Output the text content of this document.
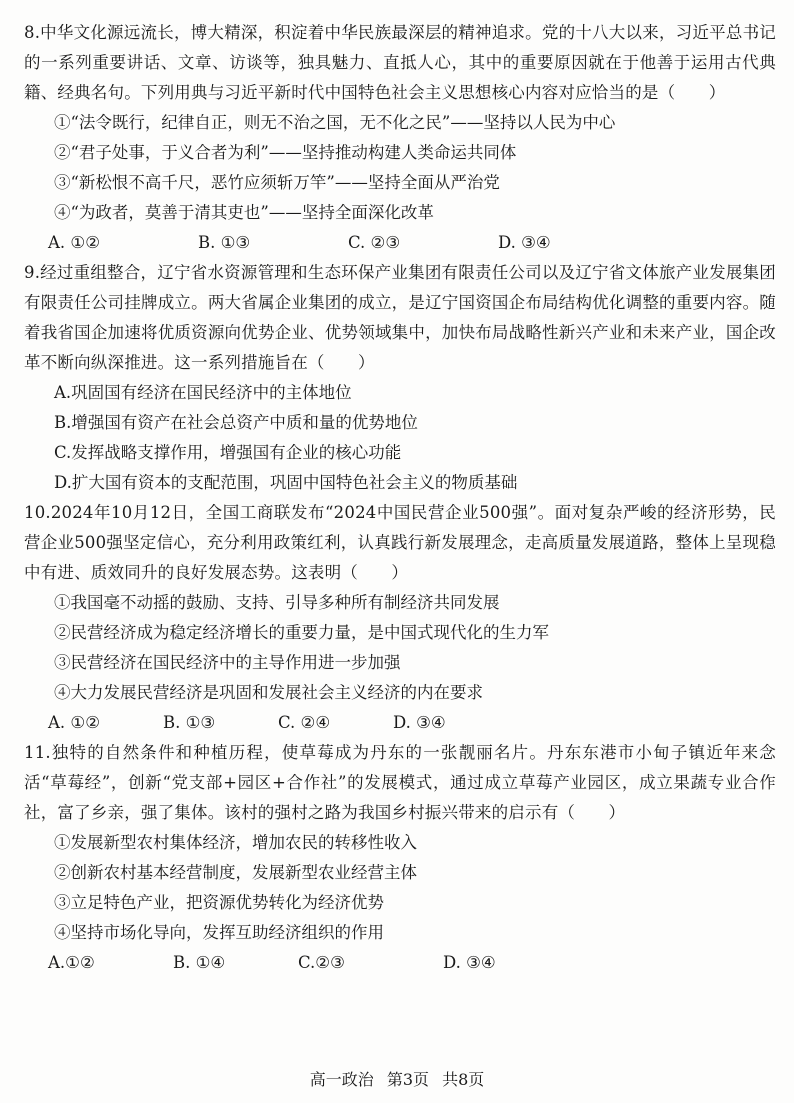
8.中华文化源远流长，博大精深，积淀着中华民族最深层的精神追求。党的十八大以来，习近平总书记的一系列重要讲话、文章、访谈等，独具魅力、直抵人心，其中的重要原因就在于他善于运用古代典籍、经典名句。下列用典与习近平新时代中国特色社会主义思想核心内容对应恰当的是（　　）

①“法令既行，纪律自正，则无不治之国，无不化之民”——坚持以人民为中心

②“君子处事，于义合者为利”——坚持推动构建人类命运共同体

③“新松恨不高千尺，恶竹应须斩万竿”——坚持全面从严治党

④“为政者，莫善于清其吏也”——坚持全面深化改革

A. ①②	B. ①③	C. ②③	D. ③④

9.经过重组整合，辽宁省水资源管理和生态环保产业集团有限责任公司以及辽宁省文体旅产业发展集团有限责任公司挂牌成立。两大省属企业集团的成立，是辽宁国资国企布局结构优化调整的重要内容。随着我省国企加速将优质资源向优势企业、优势领域集中，加快布局战略性新兴产业和未来产业，国企改革不断向纵深推进。这一系列措施旨在（　　）

A.巩固国有经济在国民经济中的主体地位

B.增强国有资产在社会总资产中质和量的优势地位

C.发挥战略支撑作用，增强国有企业的核心功能

D.扩大国有资本的支配范围，巩固中国特色社会主义的物质基础

10.2024年10月12日，全国工商联发布“2024中国民营企业500强”。面对复杂严峻的经济形势，民营企业500强坚定信心，充分利用政策红利，认真践行新发展理念，走高质量发展道路，整体上呈现稳中有进、质效同升的良好发展态势。这表明（　　）

①我国毫不动摇的鼓励、支持、引导多种所有制经济共同发展

②民营经济成为稳定经济增长的重要力量，是中国式现代化的生力军

③民营经济在国民经济中的主导作用进一步加强

④大力发展民营经济是巩固和发展社会主义经济的内在要求

A. ①②	B. ①③	C. ②④	D. ③④

11.独特的自然条件和种植历程，使草莓成为丹东的一张靓丽名片。丹东东港市小甸子镇近年来念活“草莓经”，创新“党支部+园区+合作社”的发展模式，通过成立草莓产业园区，成立果蔬专业合作社，富了乡亲，强了集体。该村的强村之路为我国乡村振兴带来的启示有（　　）

①发展新型农村集体经济，增加农民的转移性收入

②创新农村基本经营制度，发展新型农业经营主体

③立足特色产业，把资源优势转化为经济优势

④坚持市场化导向，发挥互助经济组织的作用

A.①②	B. ①④	C.②③	D. ③④
高一政治 第3页 共8页
